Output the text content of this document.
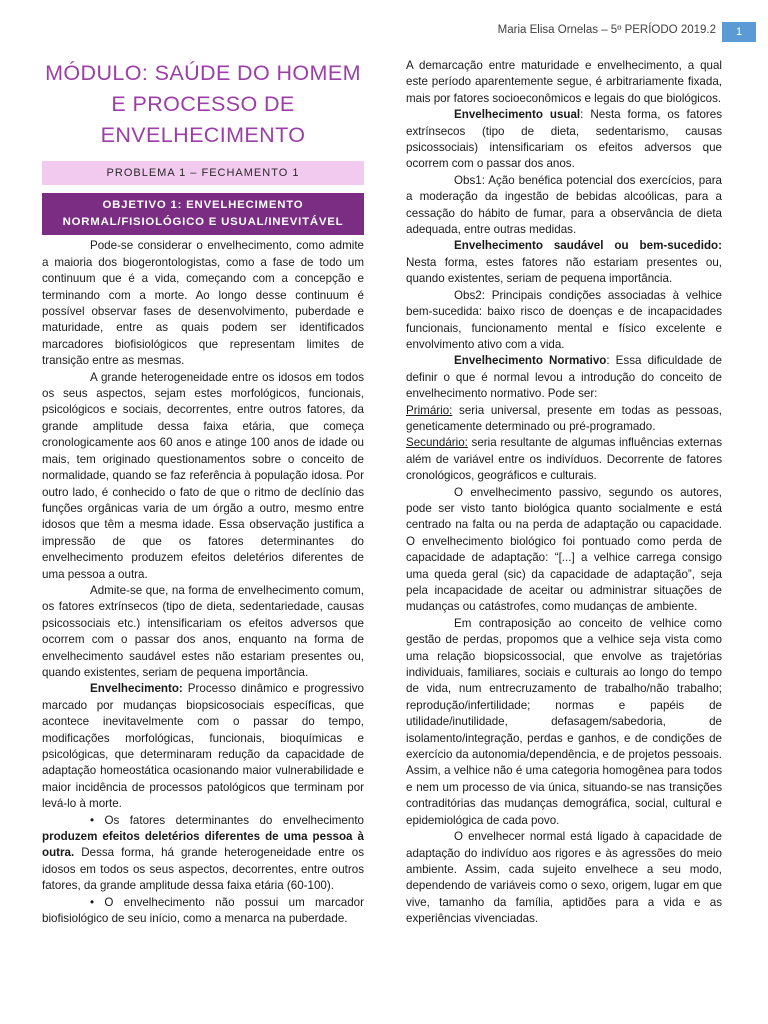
Maria Elisa Ornelas – 5º PERÍODO 2019.2	1
MÓDULO: SAÚDE DO HOMEM E PROCESSO DE ENVELHECIMENTO
PROBLEMA 1 – FECHAMENTO 1
OBJETIVO 1: ENVELHECIMENTO
NORMAL/FISIOLÓGICO E USUAL/INEVITÁVEL

Pode-se considerar o envelhecimento, como admite a maioria dos biogerontologistas, como a fase de todo um continuum que é a vida, começando com a concepção e terminando com a morte. Ao longo desse continuum é possível observar fases de desenvolvimento, puberdade e maturidade, entre as quais podem ser identificados marcadores biofisiológicos que representam limites de transição entre as mesmas.

A grande heterogeneidade entre os idosos em todos os seus aspectos, sejam estes morfológicos, funcionais, psicológicos e sociais, decorrentes, entre outros fatores, da grande amplitude dessa faixa etária, que começa cronologicamente aos 60 anos e atinge 100 anos de idade ou mais, tem originado questionamentos sobre o conceito de normalidade, quando se faz referência à população idosa. Por outro lado, é conhecido o fato de que o ritmo de declínio das funções orgânicas varia de um órgão a outro, mesmo entre idosos que têm a mesma idade. Essa observação justifica a impressão de que os fatores determinantes do envelhecimento produzem efeitos deletérios diferentes de uma pessoa a outra.

Admite-se que, na forma de envelhecimento comum, os fatores extrínsecos (tipo de dieta, sedentariedade, causas psicossociais etc.) intensificariam os efeitos adversos que ocorrem com o passar dos anos, enquanto na forma de envelhecimento saudável estes não estariam presentes ou, quando existentes, seriam de pequena importância.

Envelhecimento: Processo dinâmico e progressivo marcado por mudanças biopsicosociais específicas, que acontece inevitavelmente com o passar do tempo, modificações morfológicas, funcionais, bioquímicas e psicológicas, que determinaram redução da capacidade de adaptação homeostática ocasionando maior vulnerabilidade e maior incidência de processos patológicos que terminam por levá-lo à morte.

• Os fatores determinantes do envelhecimento produzem efeitos deletérios diferentes de uma pessoa à outra. Dessa forma, há grande heterogeneidade entre os idosos em todos os seus aspectos, decorrentes, entre outros fatores, da grande amplitude dessa faixa etária (60-100).

• O envelhecimento não possui um marcador biofisiológico de seu início, como a menarca na puberdade.

A demarcação entre maturidade e envelhecimento, a qual este período aparentemente segue, é arbitrariamente fixada, mais por fatores socioeconômicos e legais do que biológicos.

Envelhecimento usual: Nesta forma, os fatores extrínsecos (tipo de dieta, sedentarismo, causas psicossociais) intensificariam os efeitos adversos que ocorrem com o passar dos anos.

Obs1: Ação benéfica potencial dos exercícios, para a moderação da ingestão de bebidas alcoólicas, para a cessação do hábito de fumar, para a observância de dieta adequada, entre outras medidas.

Envelhecimento saudável ou bem-sucedido: Nesta forma, estes fatores não estariam presentes ou, quando existentes, seriam de pequena importância.

Obs2: Principais condições associadas à velhice bem-sucedida: baixo risco de doenças e de incapacidades funcionais, funcionamento mental e físico excelente e envolvimento ativo com a vida.

Envelhecimento Normativo: Essa dificuldade de definir o que é normal levou a introdução do conceito de envelhecimento normativo. Pode ser:

Primário: seria universal, presente em todas as pessoas, geneticamente determinado ou pré-programado.

Secundário: seria resultante de algumas influências externas além de variável entre os indivíduos. Decorrente de fatores cronológicos, geográficos e culturais.

O envelhecimento passivo, segundo os autores, pode ser visto tanto biológica quanto socialmente e está centrado na falta ou na perda de adaptação ou capacidade. O envelhecimento biológico foi pontuado como perda de capacidade de adaptação: “[...] a velhice carrega consigo uma queda geral (sic) da capacidade de adaptação”, seja pela incapacidade de aceitar ou administrar situações de mudanças ou catástrofes, como mudanças de ambiente.

Em contraposição ao conceito de velhice como gestão de perdas, propomos que a velhice seja vista como uma relação biopsicossocial, que envolve as trajetórias individuais, familiares, sociais e culturais ao longo do tempo de vida, num entrecruzamento de trabalho/não trabalho; reprodução/infertilidade; normas e papéis de utilidade/inutilidade, defasagem/sabedoria, de isolamento/integração, perdas e ganhos, e de condições de exercício da autonomia/dependência, e de projetos pessoais. Assim, a velhice não é uma categoria homogênea para todos e nem um processo de via única, situando-se nas transições contraditórias das mudanças demográfica, social, cultural e epidemiológica de cada povo.

O envelhecer normal está ligado à capacidade de adaptação do indivíduo aos rigores e às agressões do meio ambiente. Assim, cada sujeito envelhece a seu modo, dependendo de variáveis como o sexo, origem, lugar em que vive, tamanho da família, aptidões para a vida e as experiências vivenciadas.
